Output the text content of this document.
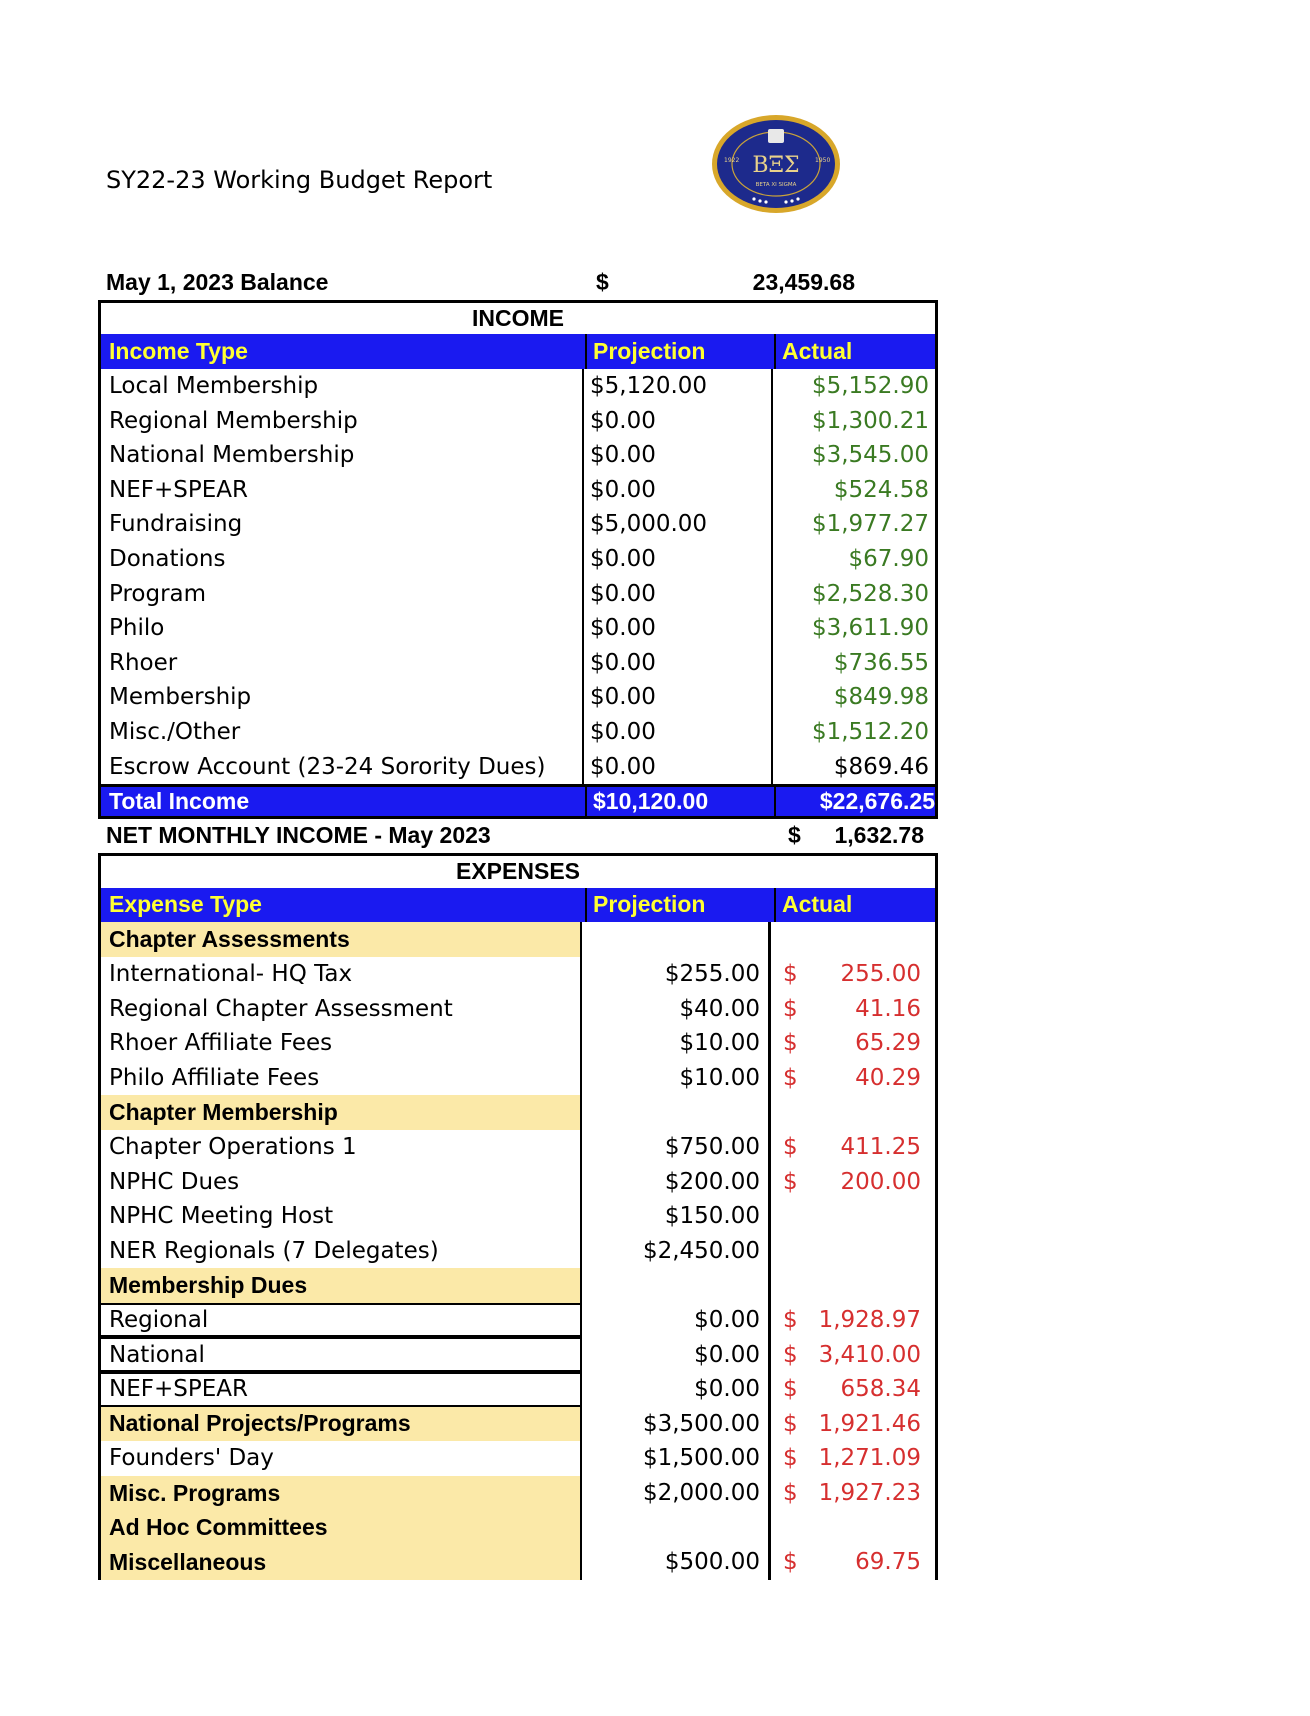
SY22-23 Working Budget Report
ΒΞΣ
1922	1950
BETA XI SIGMA
May 1, 2023 Balance	$	23,459.68
INCOME
Income Type	Projection	Actual
Local Membership	$5,120.00	$5,152.90
Regional Membership	$0.00	$1,300.21
National Membership	$0.00	$3,545.00
NEF+SPEAR	$0.00	$524.58
Fundraising	$5,000.00	$1,977.27
Donations	$0.00	$67.90
Program	$0.00	$2,528.30
Philo	$0.00	$3,611.90
Rhoer	$0.00	$736.55
Membership	$0.00	$849.98
Misc./Other	$0.00	$1,512.20
Escrow Account (23-24 Sorority Dues)	$0.00	$869.46
Total Income	$10,120.00	$22,676.25
NET MONTHLY INCOME - May 2023	$ 1,632.78
EXPENSES
Expense Type	Projection	Actual
Chapter Assessments
International- HQ Tax	$255.00	$ 255.00
Regional Chapter Assessment	$40.00	$	41.16
Rhoer Affiliate Fees	$10.00	$	65.29
Philo Affiliate Fees	$10.00	$	40.29
Chapter Membership
Chapter Operations 1	$750.00	$ 411.25
NPHC Dues	$200.00	$ 200.00
NPHC Meeting Host	$150.00
NER Regionals (7 Delegates)	$2,450.00
Membership Dues
Regional	$0.00	$ 1,928.97
National	$0.00	$ 3,410.00
NEF+SPEAR	$0.00	$ 658.34
National Projects/Programs	$3,500.00	$ 1,921.46
Founders' Day	$1,500.00	$ 1,271.09
Misc. Programs	$2,000.00	$ 1,927.23
Ad Hoc Committees
Miscellaneous	$500.00	$	69.75
